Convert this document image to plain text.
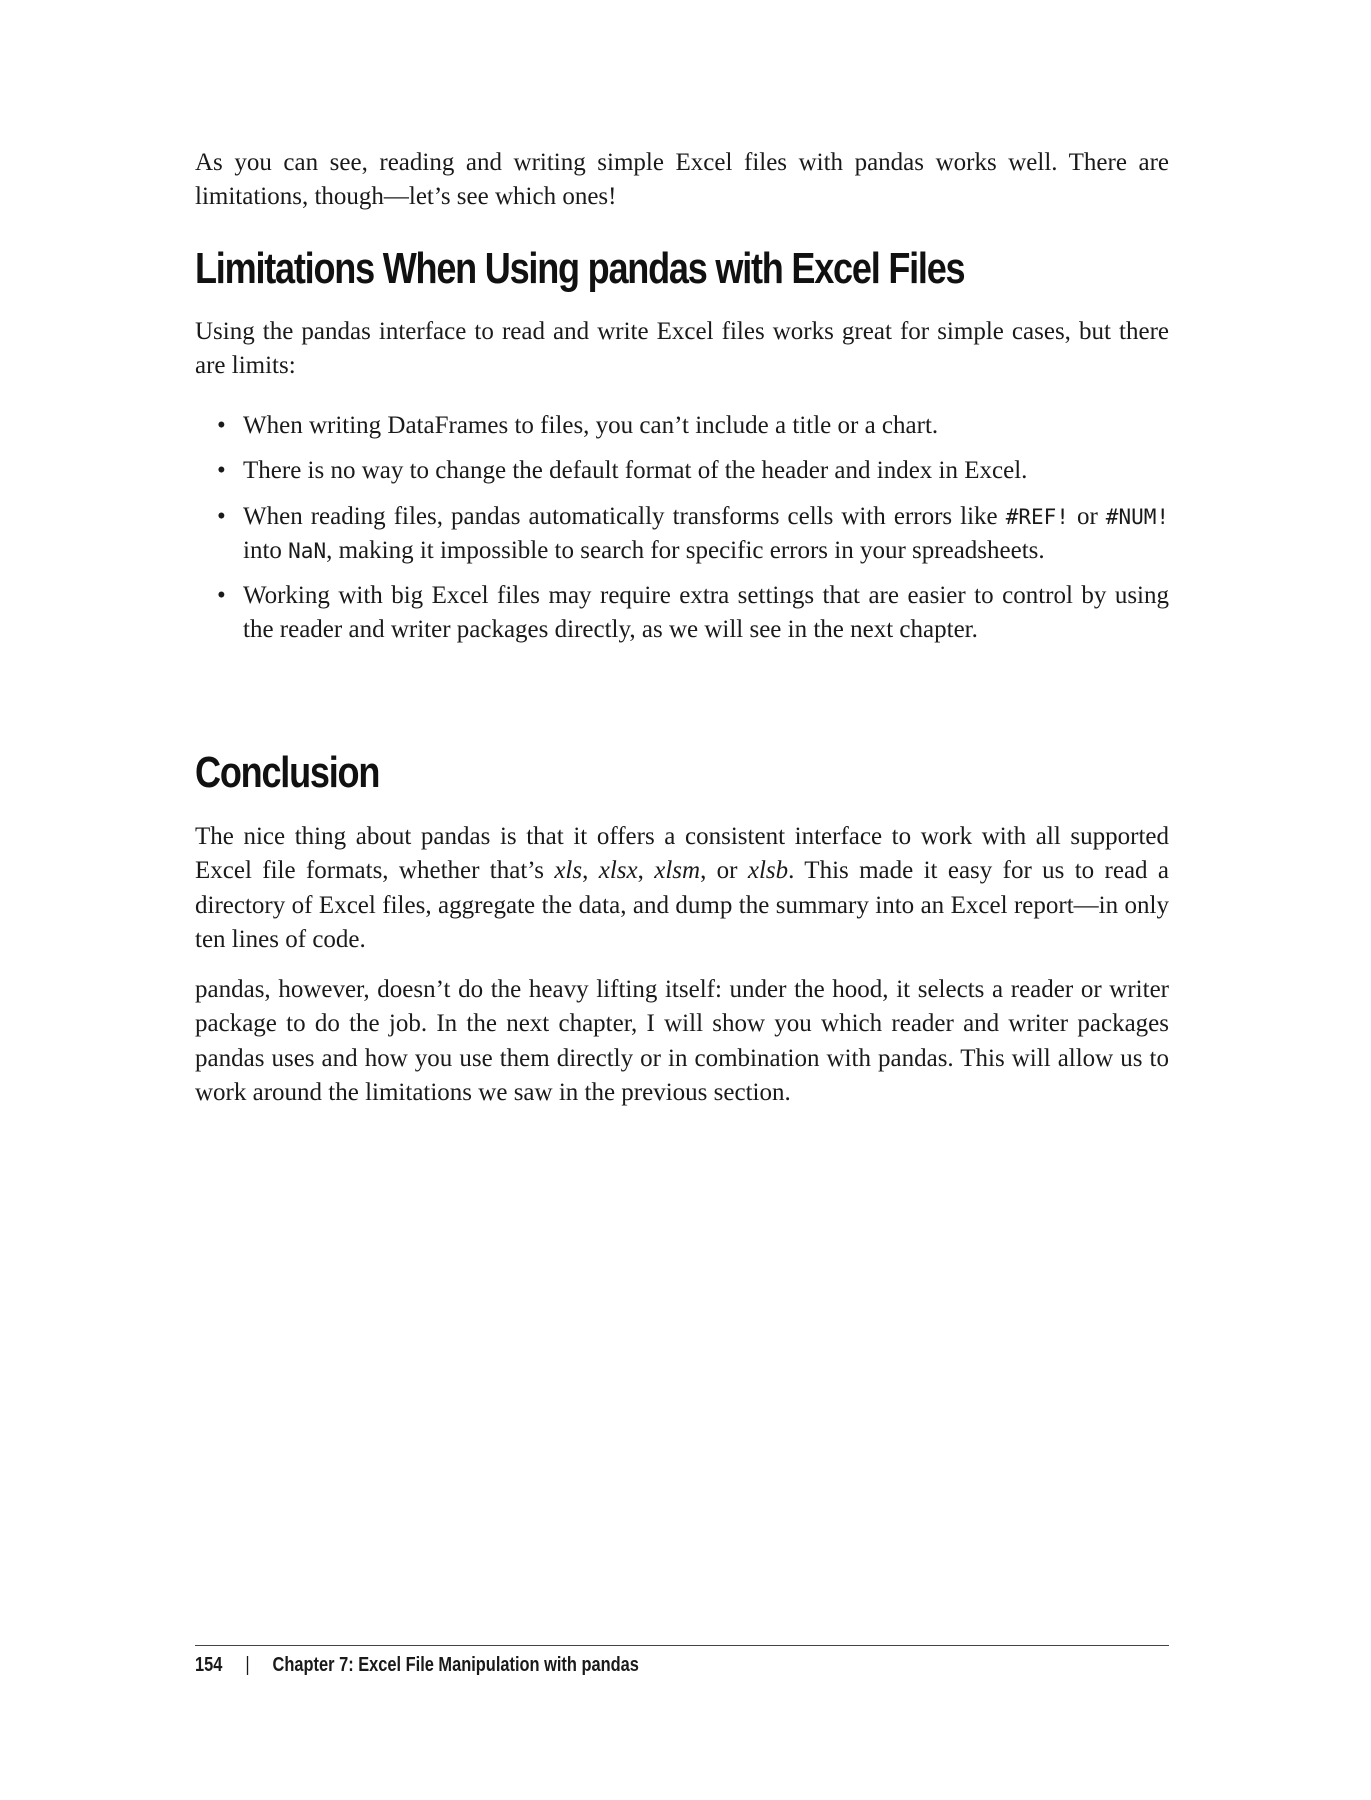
As you can see, reading and writing simple Excel files with pandas works well. There are limitations, though—let’s see which ones!

Limitations When Using pandas with Excel Files

Using the pandas interface to read and write Excel files works great for simple cases, but there are limits:

• When writing DataFrames to files, you can’t include a title or a chart.
• There is no way to change the default format of the header and index in Excel.
• When reading files, pandas automatically transforms cells with errors like #REF! or #NUM! into NaN, making it impossible to search for specific errors in your spreadsheets.
• Working with big Excel files may require extra settings that are easier to control by using the reader and writer packages directly, as we will see in the next chapter.
Conclusion

The nice thing about pandas is that it offers a consistent interface to work with all supported Excel file formats, whether that’s xls, xlsx, xlsm, or xlsb. This made it easy for us to read a directory of Excel files, aggregate the data, and dump the summary into an Excel report—in only ten lines of code.

pandas, however, doesn’t do the heavy lifting itself: under the hood, it selects a reader or writer package to do the job. In the next chapter, I will show you which reader and writer packages pandas uses and how you use them directly or in combination with pandas. This will allow us to work around the limitations we saw in the previous section.

154 | Chapter 7: Excel File Manipulation with pandas
